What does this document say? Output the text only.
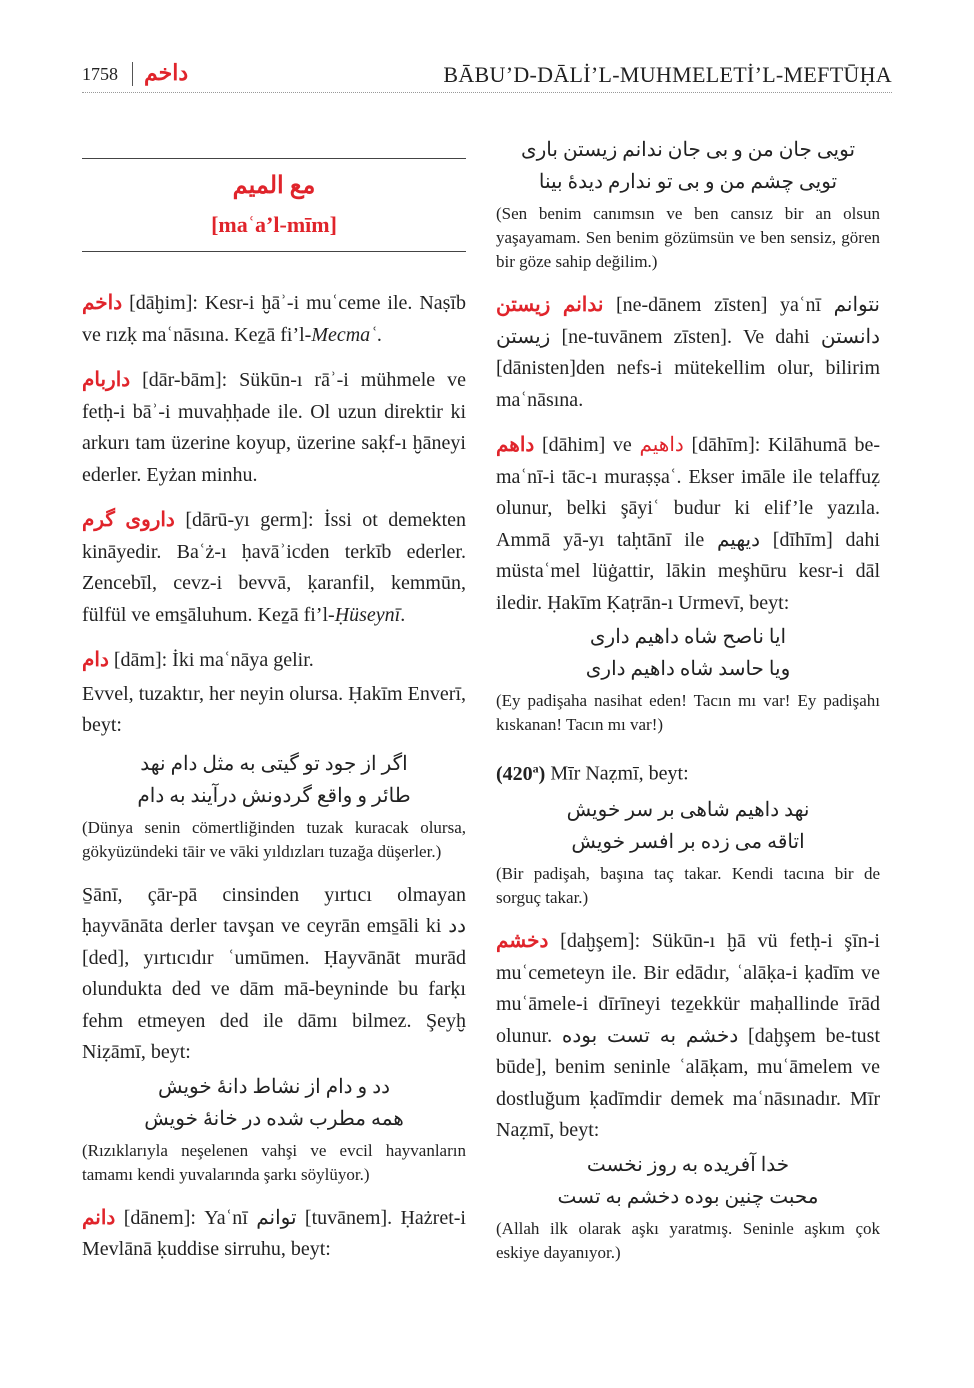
1758 داخم	BĀBU’D-DĀLİ’L-MUHMELETİ’L-MEFTŪḤA
مع الميم
[maʿa’l-mīm]

داخم [dāḫim]: Kesr-i ḫāʾ-i muʿceme ile. Naṣīb ve rızḳ maʿnāsına. Keẕā fi’l-Mecmaʿ.

داربام [dār-bām]: Sükūn-ı rāʾ-i mühmele ve fetḥ-i bāʾ-i muvaḥḥade ile. Ol uzun direktir ki arkurı tam üzerine koyup, üzerine saḳf-ı ḫāneyi ederler. Eyżan minhu.

داروی گرم [dārū-yı germ]: İssi ot demekten kināyedir. Baʿż-ı ḥavāʾicden terkīb ederler. Zencebīl, cevz-i bevvā, ḳaranfil, kemmūn, fülfül ve ems̱āluhum. Keẕā fi’l-Ḥüseynī.

دام [dām]: İki maʿnāya gelir.

Evvel, tuzaktır, her neyin olursa. Ḥakīm Enverī, beyt:

اگر از جود تو گیتی به مثل دام نهد
طائر و واقع گردونش درآیند به دام
(Dünya senin cömertliğinden tuzak kuracak olursa, gökyüzündeki tāir ve vāki yıldızları tuzağa düşerler.)

S̱ānī, çār-pā cinsinden yırtıcı olmayan ḥayvānāta derler tavşan ve ceyrān ems̱āli ki دد [ded], yırtıcıdır ʿumūmen. Ḥayvānāt murād olundukta ded ve dām mā-beyninde bu farḳı fehm etmeyen ded ile dāmı bilmez. Şeyḫ Niẓāmī, beyt:

دد و دام از نشاط دانهٔ خویش
همه مطرب شده در خانهٔ خویش
(Rızıklarıyla neşelenen vahşi ve evcil hayvanların tamamı kendi yuvalarında şarkı söylüyor.)

دانم [dānem]: Yaʿnī توانم [tuvānem]. Ḥażret-i Mevlānā ḳuddise sirruhu, beyt:

تویی جان من و بی جان ندانم زیستن باری
تویی چشم من و بی تو ندارم دیدهٔ بینا
(Sen benim canımsın ve ben cansız bir an olsun yaşayamam. Sen benim gözümsün ve ben sensiz, gören bir göze sahip değilim.)

ندانم زیستن [ne-dānem zīsten] yaʿnī نتوانم زیستن [ne-tuvānem zīsten]. Ve dahi دانستن [dānisten]den nefs-i mütekellim olur, bilirim maʿnāsına.

داهم [dāhim] ve داهیم [dāhīm]: Kilāhumā be-maʿnī-i tāc-ı muraṣṣaʿ. Ekser imāle ile telaffuẓ olunur, belki şāyiʿ budur ki elif’le yazıla. Ammā yā-yı taḥtānī ile دیهیم [dīhīm] dahi müstaʿmel lüġattir, lākin meşhūru kesr-i dāl iledir. Ḥakīm Ḳaṭrān-ı Urmevī, beyt:

ایا ناصح شاه داهیم داری
ویا حاسد شاه داهیم داری
(Ey padişaha nasihat eden! Tacın mı var! Ey padişahı kıskanan! Tacın mı var!)

(420$^a$) Mīr Naẓmī, beyt:

نهد داهیم شاهی بر سر خویش
اتاقه می زده بر افسر خویش
(Bir padişah, başına taç takar. Kendi tacına bir de sorguç takar.)

دخشم [daḫşem]: Sükūn-ı ḫā vü fetḥ-i şīn-i muʿcemeteyn ile. Bir edādır, ʿalāḳa-i ḳadīm ve muʿāmele-i dīrīneyi teẕekkür maḥallinde īrād olunur. دخشم به تست بوده [daḫşem be-tust būde], benim seninle ʿalāḳam, muʿāmelem ve dostluğum ḳadīmdir demek maʿnāsınadır. Mīr Naẓmī, beyt:

خدا آفریده به روز نخست
محبت چنین بوده دخشم به تست
(Allah ilk olarak aşkı yaratmış. Seninle aşkım çok eskiye dayanıyor.)
